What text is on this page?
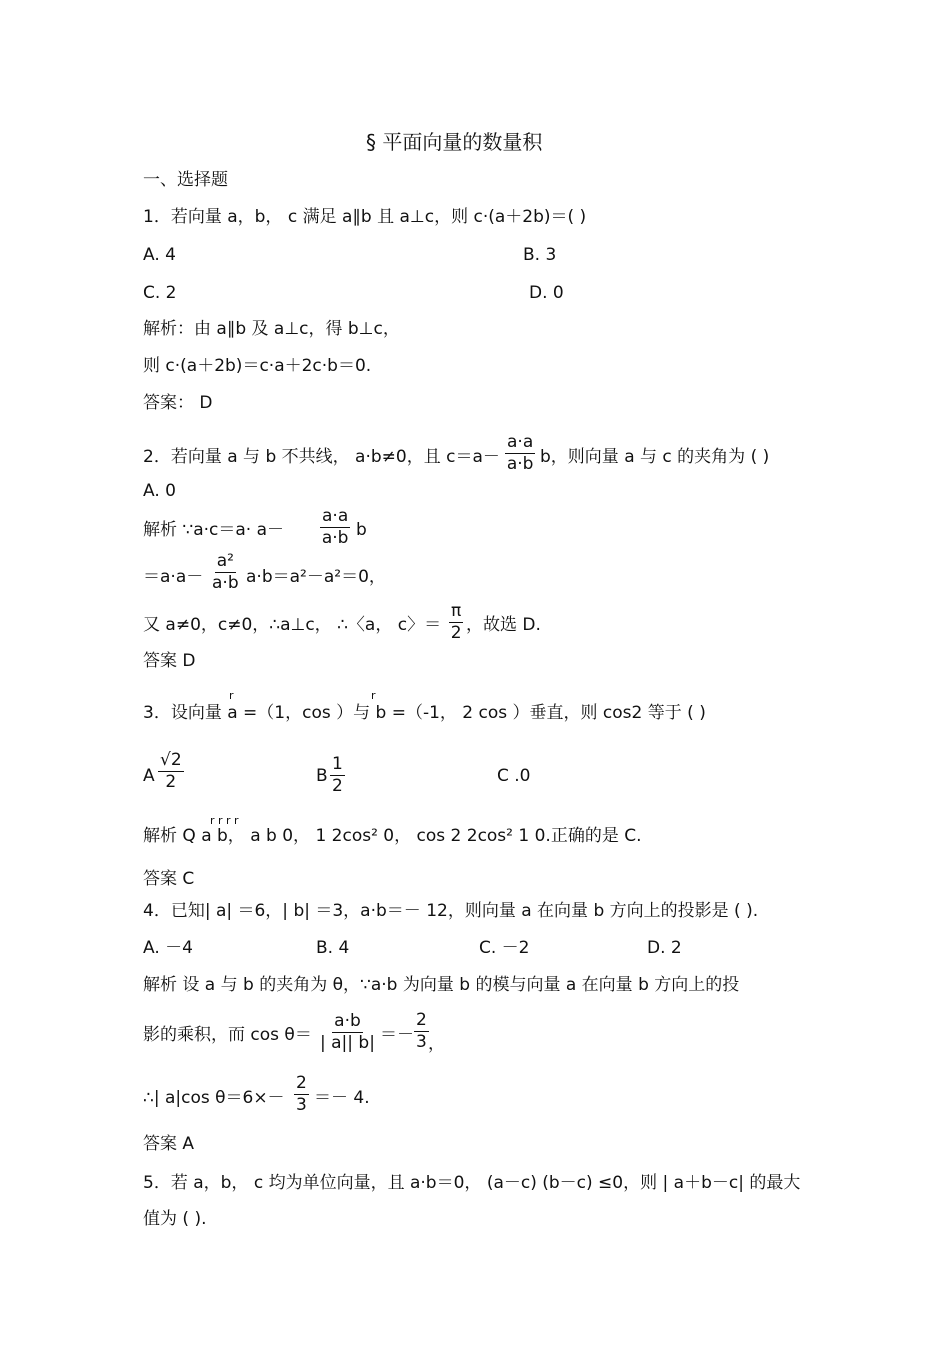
§ 平面向量的数量积
一、选择题
1．若向量 a，b， c 满足 a∥b 且 a⊥c，则 c·(a＋2b)＝( )
A. 4	B. 3
C. 2	D. 0
解析：由 a∥b 及 a⊥c，得 b⊥c，
则 c·(a＋2b)＝c·a＋2c·b＝0.
答案： D
2．若向量 a 与 b 不共线， a·b≠0，且 $c=a- \frac{a\cdot a}{a\cdot b}$ b，则向量 a 与 c 的夹角为 ( )
A. 0
解析 ∵a·c＝a· $a- \frac{a\cdot a}{a\cdot b}$ b
$=a\cdot a- \frac{\text{a²}}{a\cdot b} a\cdot b=a^2-a^2=0$，
又 a≠0，c≠0，∴a⊥c， ∴〈a， c〉＝ $\frac{\pi}{2}$ ，故选 D.
答案 D
r	r
3．设向量 a =（1，cos ）与 b =（-1， 2 cos ）垂直，则 cos2 等于 ( )
A $\frac{√2}{2}$	B $\frac{1}{2}$	C .0
r r r r
解析 Q a b， a b 0， 1 2cos² 0， cos 2 2cos² 1 0.正确的是 C.
答案 C
4．已知| a| ＝6，| b| ＝3，a·b＝－ 12，则向量 a 在向量 b 方向上的投影是 ( ).
A. －4	B. 4	C. －2	D. 2
解析 设 a 与 b 的夹角为 θ，∵a·b 为向量 b 的模与向量 a 在向量 b 方向上的投
影的乘积，而 $\cos \theta= \frac{a\cdot b}{| a|| b|} =- \frac{2}{3}$ ，
∴| a|cos $\theta=6\times- \frac{2}{3} =- 4$.
答案 A
5．若 a，b， c 均为单位向量，且 a·b＝0， (a－c) (b－c) ≤0，则 | a＋b－c| 的最大
值为 ( ).
